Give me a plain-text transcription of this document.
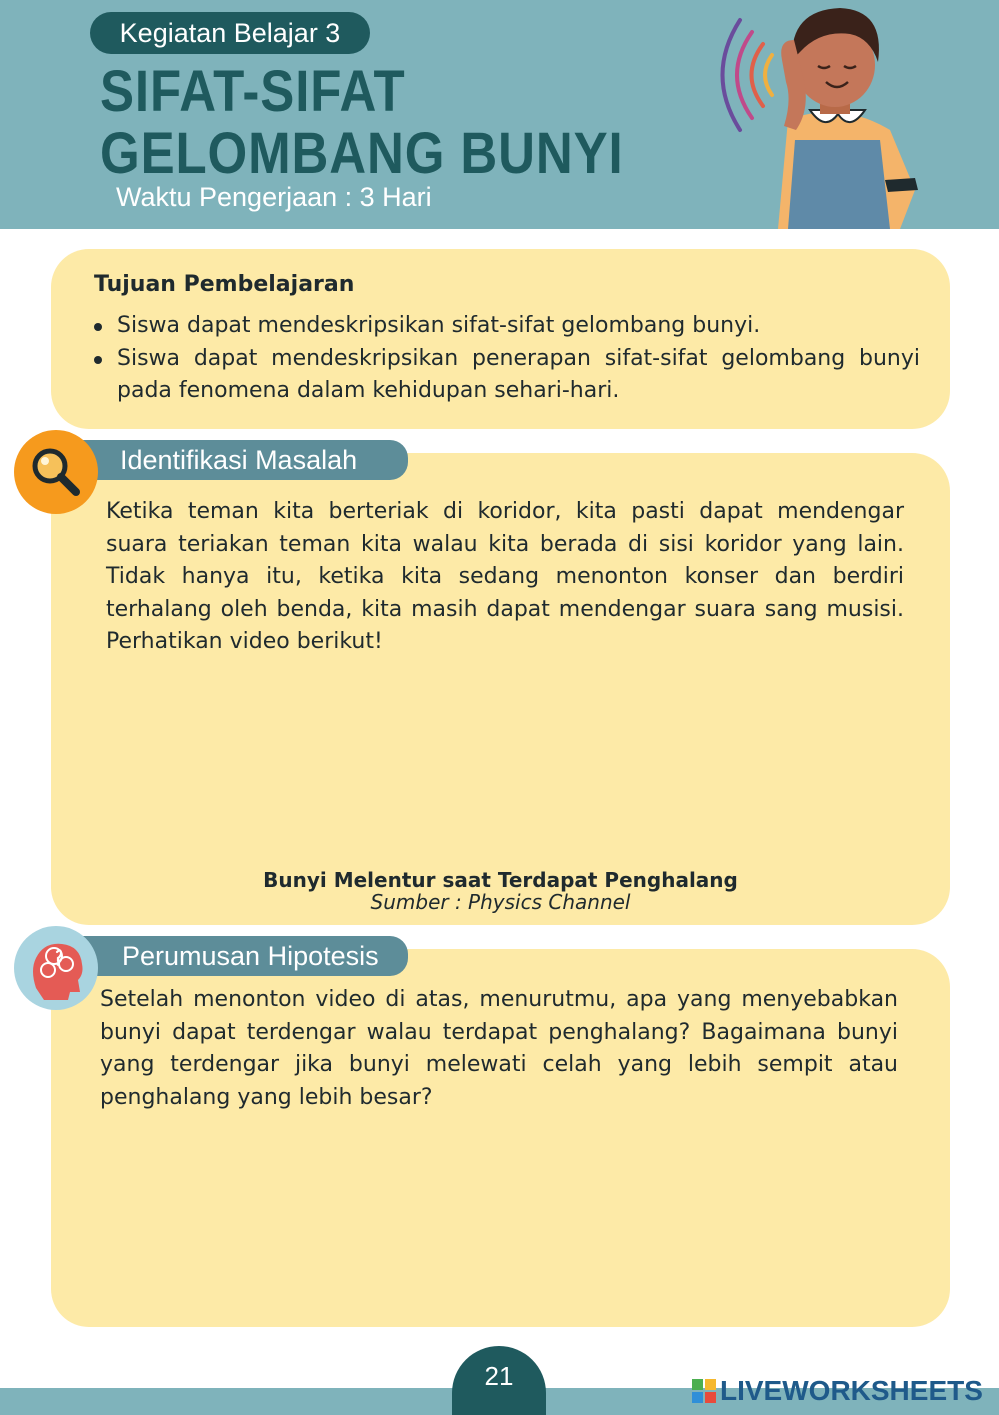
Kegiatan Belajar 3
SIFAT-SIFAT
GELOMBANG BUNYI
Waktu Pengerjaan : 3 Hari
Tujuan Pembelajaran
Siswa dapat mendeskripsikan sifat-sifat gelombang bunyi.
Siswa dapat mendeskripsikan penerapan sifat-sifat gelombang bunyi pada fenomena dalam kehidupan sehari-hari.
Identifikasi Masalah
Ketika teman kita berteriak di koridor, kita pasti dapat mendengar suara teriakan teman kita walau kita berada di sisi koridor yang lain. Tidak hanya itu, ketika kita sedang menonton konser dan berdiri terhalang oleh benda, kita masih dapat mendengar suara sang musisi. Perhatikan video berikut!
Bunyi Melentur saat Terdapat Penghalang
Sumber : Physics Channel
Perumusan Hipotesis
Setelah menonton video di atas, menurutmu, apa yang menyebabkan bunyi dapat terdengar walau terdapat penghalang? Bagaimana bunyi yang terdengar jika bunyi melewati celah yang lebih sempit atau penghalang yang lebih besar?
21	LIVEWORKSHEETS
